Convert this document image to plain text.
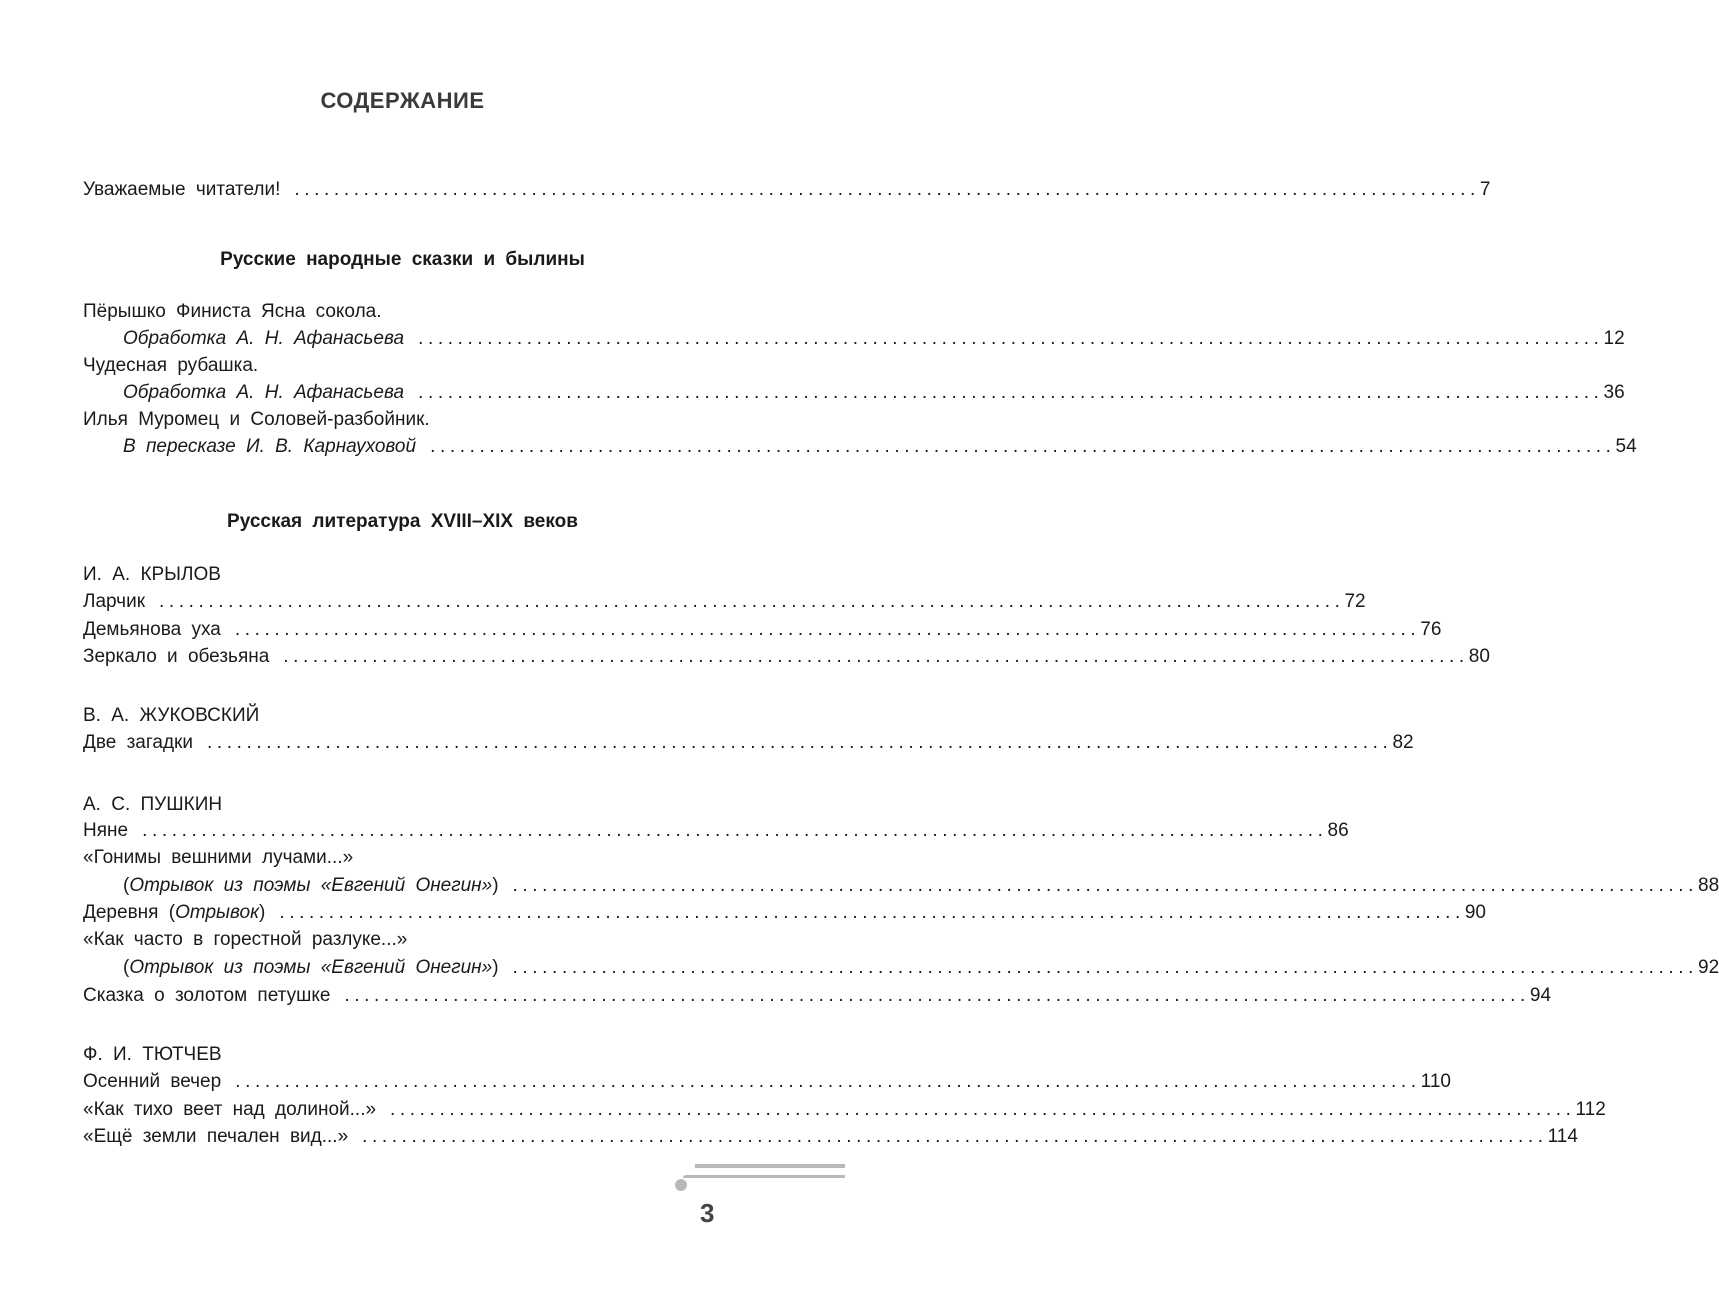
СОДЕРЖАНИЕ
Русские народные сказки и былины
Русская литература XVIII–XIX веков
Уважаемые читатели! ........................................................................................................................ 7
Пёрышко Финиста Ясна сокола.
Обработка А. Н. Афанасьева ........................................................................................................................ 12
Чудесная рубашка.
Обработка А. Н. Афанасьева ........................................................................................................................ 36
Илья Муромец и Соловей-разбойник.
В пересказе И. В. Карнауховой ........................................................................................................................ 54
И. А. КРЫЛОВ
Ларчик ........................................................................................................................ 72
Демьянова уха ........................................................................................................................ 76
Зеркало и обезьяна ........................................................................................................................ 80
В. А. ЖУКОВСКИЙ
Две загадки ........................................................................................................................ 82
А. С. ПУШКИН
Няне ........................................................................................................................ 86
«Гонимы вешними лучами...»
(Отрывок из поэмы «Евгений Онегин») ........................................................................................................................ 88
Деревня (Отрывок) ........................................................................................................................ 90
«Как часто в горестной разлуке...»
(Отрывок из поэмы «Евгений Онегин») ........................................................................................................................ 92
Сказка о золотом петушке ........................................................................................................................ 94
Ф. И. ТЮТЧЕВ
Осенний вечер ........................................................................................................................ 110
«Как тихо веет над долиной...» ........................................................................................................................ 112
«Ещё земли печален вид...» ........................................................................................................................ 114
3
